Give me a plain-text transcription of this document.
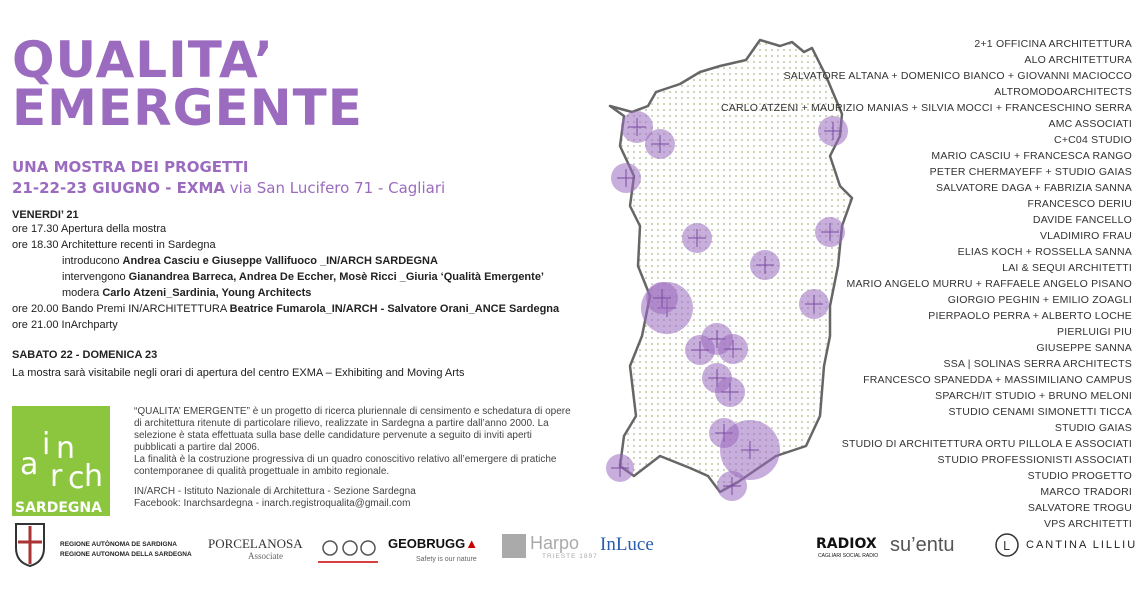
QUALITA’
EMERGENTE
UNA MOSTRA DEI PROGETTI
21-22-23 GIUGNO - EXMA via San Lucifero 71 - Cagliari
VENERDI’ 21
ore 17.30 Apertura della mostra
ore 18.30 Architetture recenti in Sardegna
introducono Andrea Casciu e Giuseppe Vallifuoco _IN/ARCH SARDEGNA
intervengono Gianandrea Barreca, Andrea De Eccher, Mosè Ricci _Giuria ‘Qualità Emergente’
modera Carlo Atzeni_Sardinia, Young Architects
ore 20.00 Bando Premi IN/ARCHITETTURA Beatrice Fumarola_IN/ARCH - Salvatore Orani_ANCE Sardegna
ore 21.00 InArchparty
SABATO 22 - DOMENICA 23
La mostra sarà visitabile negli orari di apertura del centro EXMA – Exhibiting and Moving Arts
a
i
r
n
c h
SARDEGNA

“QUALITA’ EMERGENTE” è un progetto di ricerca pluriennale di censimento e schedatura di opere di architettura ritenute di particolare rilievo, realizzate in Sardegna a partire dall’anno 2000. La selezione è stata effettuata sulla base delle candidature pervenute a seguito di inviti aperti pubblicati a partire dal 2006.

La finalità è la costruzione progressiva di un quadro conoscitivo relativo all’emergere di pratiche contemporanee di qualità progettuale in ambito regionale.

IN/ARCH - Istituto Nazionale di Architettura - Sezione Sardegna

Facebook: Inarchsardegna - inarch.registroqualita@gmail.com

2+1 OFFICINA ARCHITETTURA
ALO ARCHITETTURA
SALVATORE ALTANA + DOMENICO BIANCO + GIOVANNI MACIOCCO
ALTROMODOARCHITECTS
CARLO ATZENI + MAURIZIO MANIAS + SILVIA MOCCI + FRANCESCHINO SERRA
AMC ASSOCIATI
C+C04 STUDIO
MARIO CASCIU + FRANCESCA RANGO
PETER CHERMAYEFF + STUDIO GAIAS
SALVATORE DAGA + FABRIZIA SANNA
FRANCESCO DERIU
DAVIDE FANCELLO
VLADIMIRO FRAU
ELIAS KOCH + ROSSELLA SANNA
LAI & SEQUI ARCHITETTI
MARIO ANGELO MURRU + RAFFAELE ANGELO PISANO
GIORGIO PEGHIN + EMILIO ZOAGLI
PIERPAOLO PERRA + ALBERTO LOCHE
PIERLUIGI PIU
GIUSEPPE SANNA
SSA | SOLINAS SERRA ARCHITECTS
FRANCESCO SPANEDDA + MASSIMILIANO CAMPUS
SPARCH/IT STUDIO + BRUNO MELONI
STUDIO CENAMI SIMONETTI TICCA
STUDIO GAIAS
STUDIO DI ARCHITETTURA ORTU PILLOLA E ASSOCIATI
STUDIO PROFESSIONISTI ASSOCIATI
STUDIO PROGETTO
MARCO TRADORI
SALVATORE TROGU
VPS ARCHITETTI
REGIONE AUTÒNOMA DE SARDIGNA
REGIONE AUTONOMA DELLA SARDEGNA
PORCELANOSA
Associate
GEOBRUGG▲
Safety is our nature
Harpo
TRIESTE 1897
InLuce	RADIOX
CAGLIARI SOCIAL RADIO su’entu	L CANTINA LILLIU
